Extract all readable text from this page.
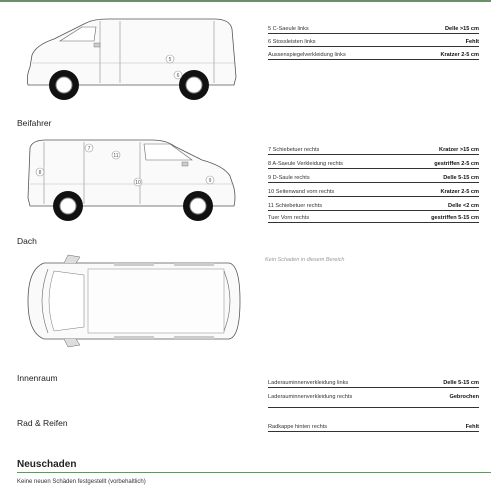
5
6
5 C-Saeule links	Delle >15 cm
6 Stossleisten links	Fehlt
Aussenspiegelverkleidung links	Kratzer 2-5 cm
Beifahrer
7
8
9
10
11
7 Schiebetuer rechts	Kratzer >15 cm
8 A-Saeule Verkleidung rechts	gestriffen 2-5 cm
9 D-Saule rechts	Delle 5-15 cm
10 Seitenwand vorn rechts	Kratzer 2-5 cm
11 Schiebetuer rechts	Delle <2 cm
Tuer Vorn rechts	gestriffen 5-15 cm
Dach
Kein Schaden in diesem Bereich
Innenraum	Laderauminnenverkleidung links	Delle 5-15 cm
Laderauminnenverkleidung rechts	Gebrochen
Rad & Reifen	Radkappe hinten rechts	Fehlt
Neuschaden
Keine neuen Schäden festgestellt (vorbehaltlich)
